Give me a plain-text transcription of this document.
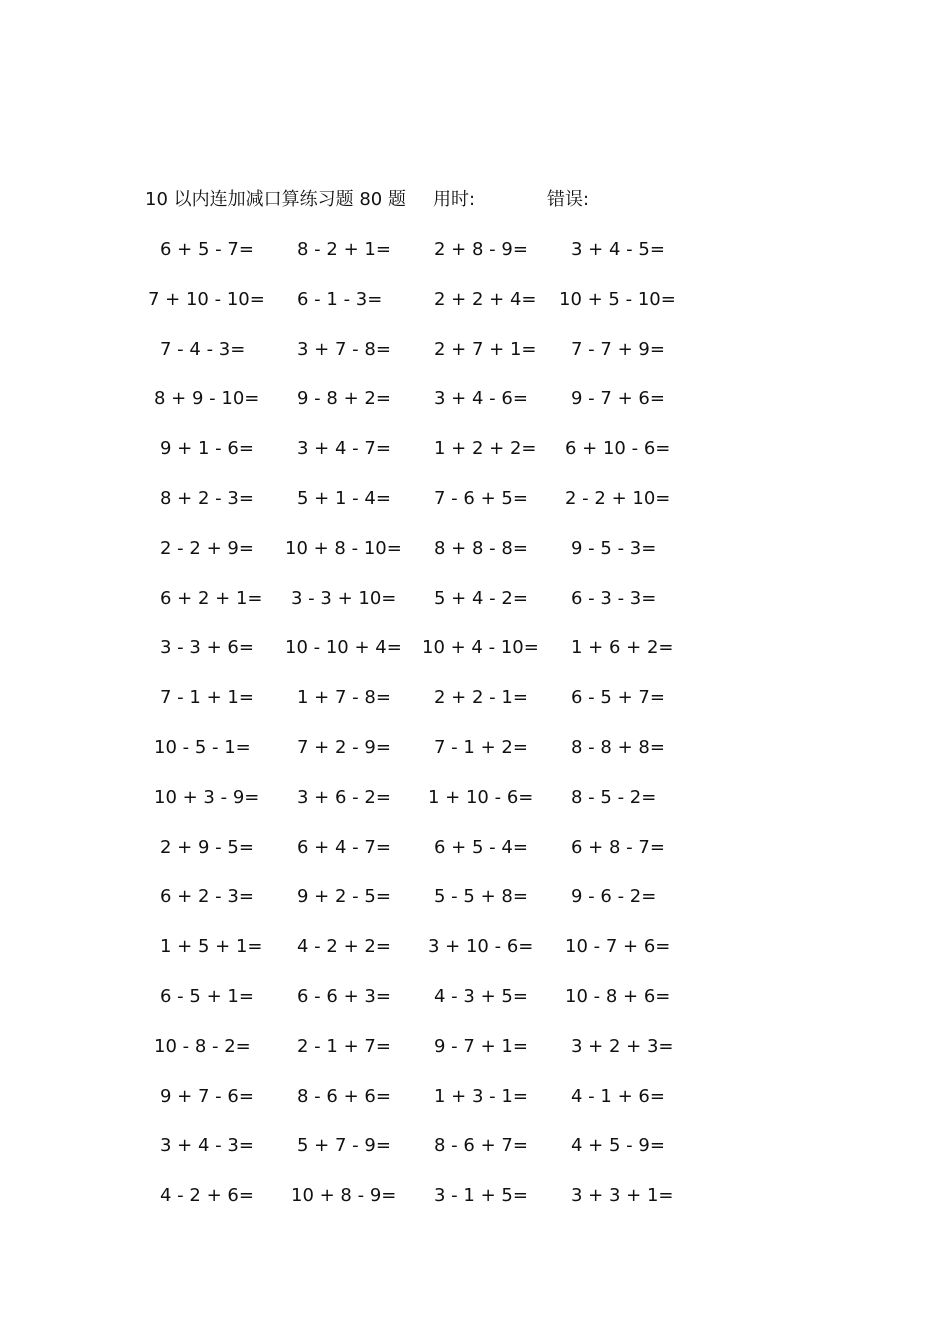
10 以内连加减口算练习题 80 题 用时:	错误:
6 + 5 - 7= 8 - 2 + 1= 2 + 8 - 9= 3 + 4 - 5=
7 + 10 - 10= 6 - 1 - 3=	2 + 2 + 4= 10 + 5 - 10=
7 - 4 - 3=	3 + 7 - 8= 2 + 7 + 1= 7 - 7 + 9=
8 + 9 - 10= 9 - 8 + 2= 3 + 4 - 6= 9 - 7 + 6=
9 + 1 - 6= 3 + 4 - 7= 1 + 2 + 2= 6 + 10 - 6=
8 + 2 - 3= 5 + 1 - 4= 7 - 6 + 5= 2 - 2 + 10=
2 - 2 + 9= 10 + 8 - 10= 8 + 8 - 8= 9 - 5 - 3=
6 + 2 + 1= 3 - 3 + 10= 5 + 4 - 2= 6 - 3 - 3=
3 - 3 + 6= 10 - 10 + 4= 10 + 4 - 10= 1 + 6 + 2=
7 - 1 + 1= 1 + 7 - 8= 2 + 2 - 1= 6 - 5 + 7=
10 - 5 - 1=	7 + 2 - 9= 7 - 1 + 2= 8 - 8 + 8=
10 + 3 - 9= 3 + 6 - 2= 1 + 10 - 6= 8 - 5 - 2=
2 + 9 - 5= 6 + 4 - 7= 6 + 5 - 4= 6 + 8 - 7=
6 + 2 - 3= 9 + 2 - 5= 5 - 5 + 8= 9 - 6 - 2=
1 + 5 + 1= 4 - 2 + 2= 3 + 10 - 6= 10 - 7 + 6=
6 - 5 + 1= 6 - 6 + 3= 4 - 3 + 5= 10 - 8 + 6=
10 - 8 - 2=	2 - 1 + 7= 9 - 7 + 1= 3 + 2 + 3=
9 + 7 - 6= 8 - 6 + 6= 1 + 3 - 1= 4 - 1 + 6=
3 + 4 - 3= 5 + 7 - 9= 8 - 6 + 7= 4 + 5 - 9=
4 - 2 + 6= 10 + 8 - 9= 3 - 1 + 5= 3 + 3 + 1=
